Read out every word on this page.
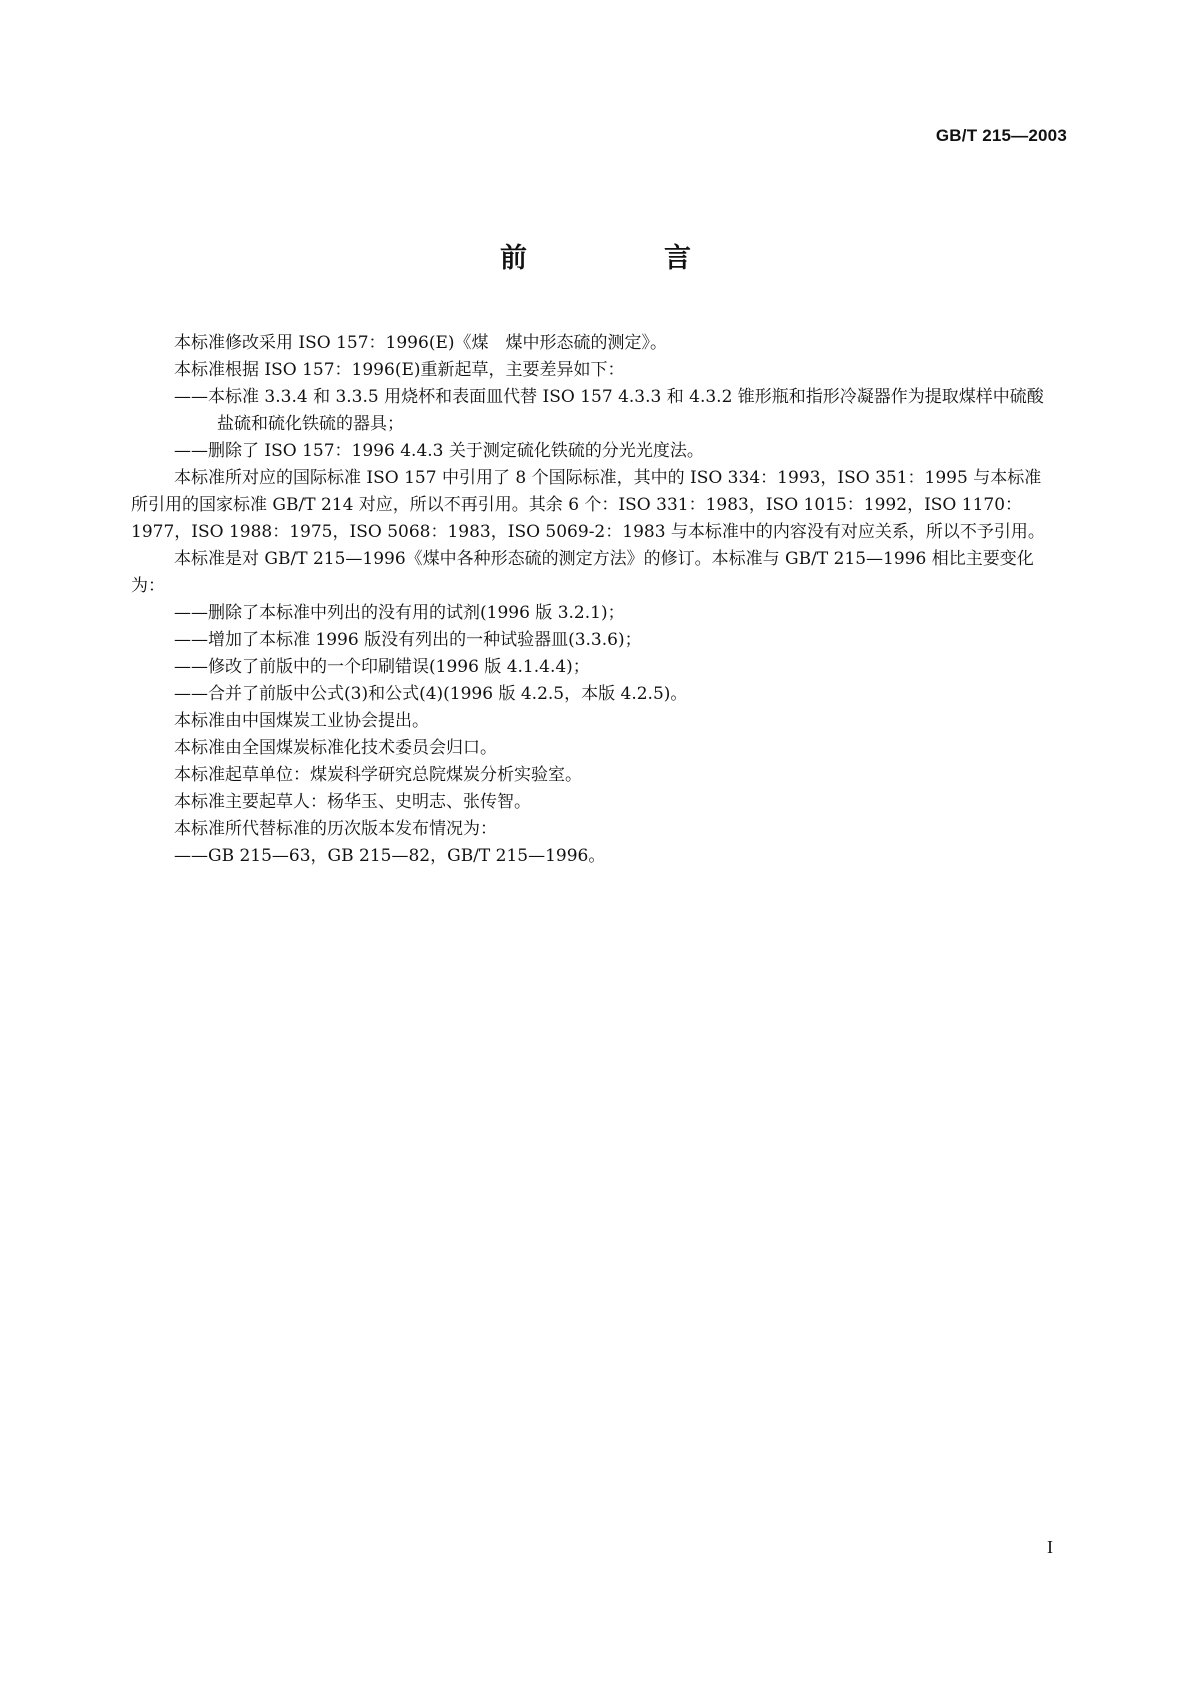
GB/T 215—2003
前　言

本标准修改采用 ISO 157：1996(E)《煤　煤中形态硫的测定》。

本标准根据 ISO 157：1996(E)重新起草，主要差异如下：

——本标准 3.3.4 和 3.3.5 用烧杯和表面皿代替 ISO 157 4.3.3 和 4.3.2 锥形瓶和指形冷凝器作为提取煤样中硫酸盐硫和硫化铁硫的器具；

——删除了 ISO 157：1996 4.4.3 关于测定硫化铁硫的分光光度法。

本标准所对应的国际标准 ISO 157 中引用了 8 个国际标准，其中的 ISO 334：1993，ISO 351：1995 与本标准所引用的国家标准 GB/T 214 对应，所以不再引用。其余 6 个：ISO 331：1983，ISO 1015：1992，ISO 1170：1977，ISO 1988：1975，ISO 5068：1983，ISO 5069-2：1983 与本标准中的内容没有对应关系，所以不予引用。

本标准是对 GB/T 215—1996《煤中各种形态硫的测定方法》的修订。本标准与 GB/T 215—1996 相比主要变化为：

——删除了本标准中列出的没有用的试剂(1996 版 3.2.1)；

——增加了本标准 1996 版没有列出的一种试验器皿(3.3.6)；

——修改了前版中的一个印刷错误(1996 版 4.1.4.4)；

——合并了前版中公式(3)和公式(4)(1996 版 4.2.5，本版 4.2.5)。

本标准由中国煤炭工业协会提出。

本标准由全国煤炭标准化技术委员会归口。

本标准起草单位：煤炭科学研究总院煤炭分析实验室。

本标准主要起草人：杨华玉、史明志、张传智。

本标准所代替标准的历次版本发布情况为：

——GB 215—63，GB 215—82，GB/T 215—1996。

I
